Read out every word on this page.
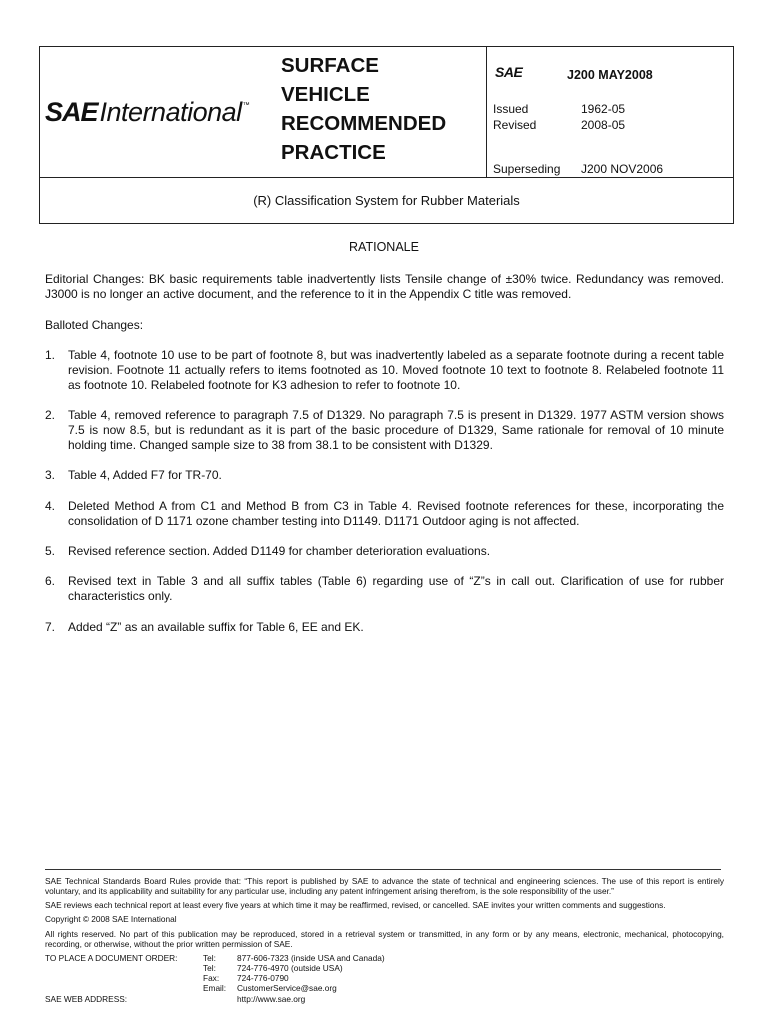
SAE International ™
SURFACE
VEHICLE
RECOMMENDED
PRACTICE
SAE	J200 MAY2008
Issued	1962-05
Revised	2008-05
Superseding J200 NOV2006
(R) Classification System for Rubber Materials
RATIONALE
Editorial Changes: BK basic requirements table inadvertently lists Tensile change of ±30% twice. Redundancy was removed. J3000 is no longer an active document, and the reference to it in the Appendix C title was removed.
Balloted Changes:
1. Table 4, footnote 10 use to be part of footnote 8, but was inadvertently labeled as a separate footnote during a recent table revision. Footnote 11 actually refers to items footnoted as 10. Moved footnote 10 text to footnote 8. Relabeled footnote 11 as footnote 10. Relabeled footnote for K3 adhesion to refer to footnote 10.
2. Table 4, removed reference to paragraph 7.5 of D1329. No paragraph 7.5 is present in D1329. 1977 ASTM version shows 7.5 is now 8.5, but is redundant as it is part of the basic procedure of D1329, Same rationale for removal of 10 minute holding time. Changed sample size to 38 from 38.1 to be consistent with D1329.
3. Table 4, Added F7 for TR-70.
4. Deleted Method A from C1 and Method B from C3 in Table 4. Revised footnote references for these, incorporating the consolidation of D 1171 ozone chamber testing into D1149. D1171 Outdoor aging is not affected.
5. Revised reference section. Added D1149 for chamber deterioration evaluations.
6. Revised text in Table 3 and all suffix tables (Table 6) regarding use of “Z”s in call out. Clarification of use for rubber characteristics only.
7. Added “Z” as an available suffix for Table 6, EE and EK.
SAE Technical Standards Board Rules provide that: “This report is published by SAE to advance the state of technical and engineering sciences. The use of this report is entirely voluntary, and its applicability and suitability for any particular use, including any patent infringement arising therefrom, is the sole responsibility of the user.”
SAE reviews each technical report at least every five years at which time it may be reaffirmed, revised, or cancelled. SAE invites your written comments and suggestions.
Copyright © 2008 SAE International
All rights reserved. No part of this publication may be reproduced, stored in a retrieval system or transmitted, in any form or by any means, electronic, mechanical, photocopying, recording, or otherwise, without the prior written permission of SAE.
TO PLACE A DOCUMENT ORDER:	Tel:	877-606-7323 (inside USA and Canada)
Tel:	724-776-4970 (outside USA)
Fax: 724-776-0790
Email: CustomerService@sae.org
SAE WEB ADDRESS:	http://www.sae.org
